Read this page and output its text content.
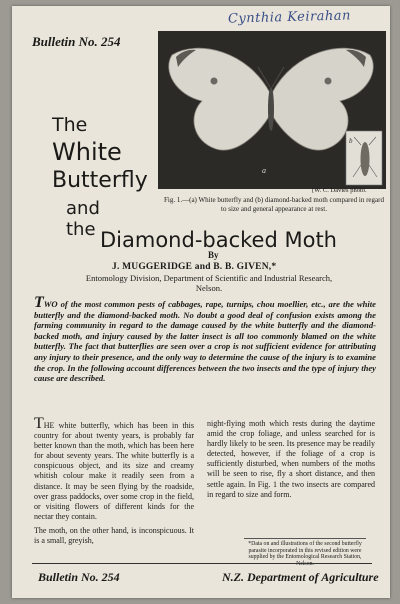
Cynthia Keirahan
Bulletin No. 254
a
b
[W. C. Davies photo.
Fig. 1.—(a) White butterfly and (b) diamond-backed moth compared in regard to size and general appearance at rest.
The
White
Butterfly
and the Diamond-backed Moth
By
J. MUGGERIDGE and B. B. GIVEN,*
Entomology Division, Department of Scientific and Industrial Research, Nelson.
TWO of the most common pests of cabbages, rape, turnips, chou moellier, etc., are the white butterfly and the diamond-backed moth. No doubt a good deal of confusion exists among the farming community in regard to the damage caused by the white butterfly and the diamond-backed moth, and injury caused by the latter insect is all too commonly blamed on the white butterfly. The fact that butterflies are seen over a crop is not sufficient evidence for attributing any injury to their presence, and the only way to determine the cause of the injury is to examine the crop. In the following account differences between the two insects and the type of injury they cause are described.

THE white butterfly, which has been in this country for about twenty years, is probably far better known than the moth, which has been here for about seventy years. The white butterfly is a conspicuous object, and its size and creamy whitish colour make it readily seen from a distance. It may be seen flying by the roadside, over grass paddocks, over some crop in the field, or visiting flowers of different kinds for the nectar they contain.

The moth, on the other hand, is inconspicuous. It is a small, greyish,

night-flying moth which rests during the daytime amid the crop foliage, and unless searched for is hardly likely to be seen. Its presence may be readily detected, however, if the foliage of a crop is sufficiently disturbed, when numbers of the moths will be seen to rise, fly a short distance, and then settle again. In Fig. 1 the two insects are compared in regard to size and form.

*Data on and illustrations of the second butterfly parasite incorporated in this revised edition were supplied by the Entomological Research Station,
Bulletin No. 254	N.Z. Department of Agriculture
